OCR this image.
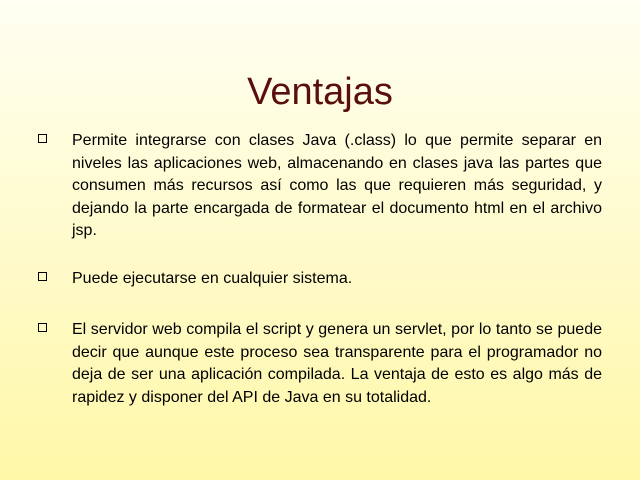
Ventajas

Permite integrarse con clases Java (.class) lo que permite separar en niveles las aplicaciones web, almacenando en clases java las partes que consumen más recursos así como las que requieren más seguridad, y dejando la parte encargada de formatear el documento html en el archivo jsp.

Puede ejecutarse en cualquier sistema.

El servidor web compila el script y genera un servlet, por lo tanto se puede decir que aunque este proceso sea transparente para el programador no deja de ser una aplicación compilada. La ventaja de esto es algo más de rapidez y disponer del API de Java en su totalidad.
